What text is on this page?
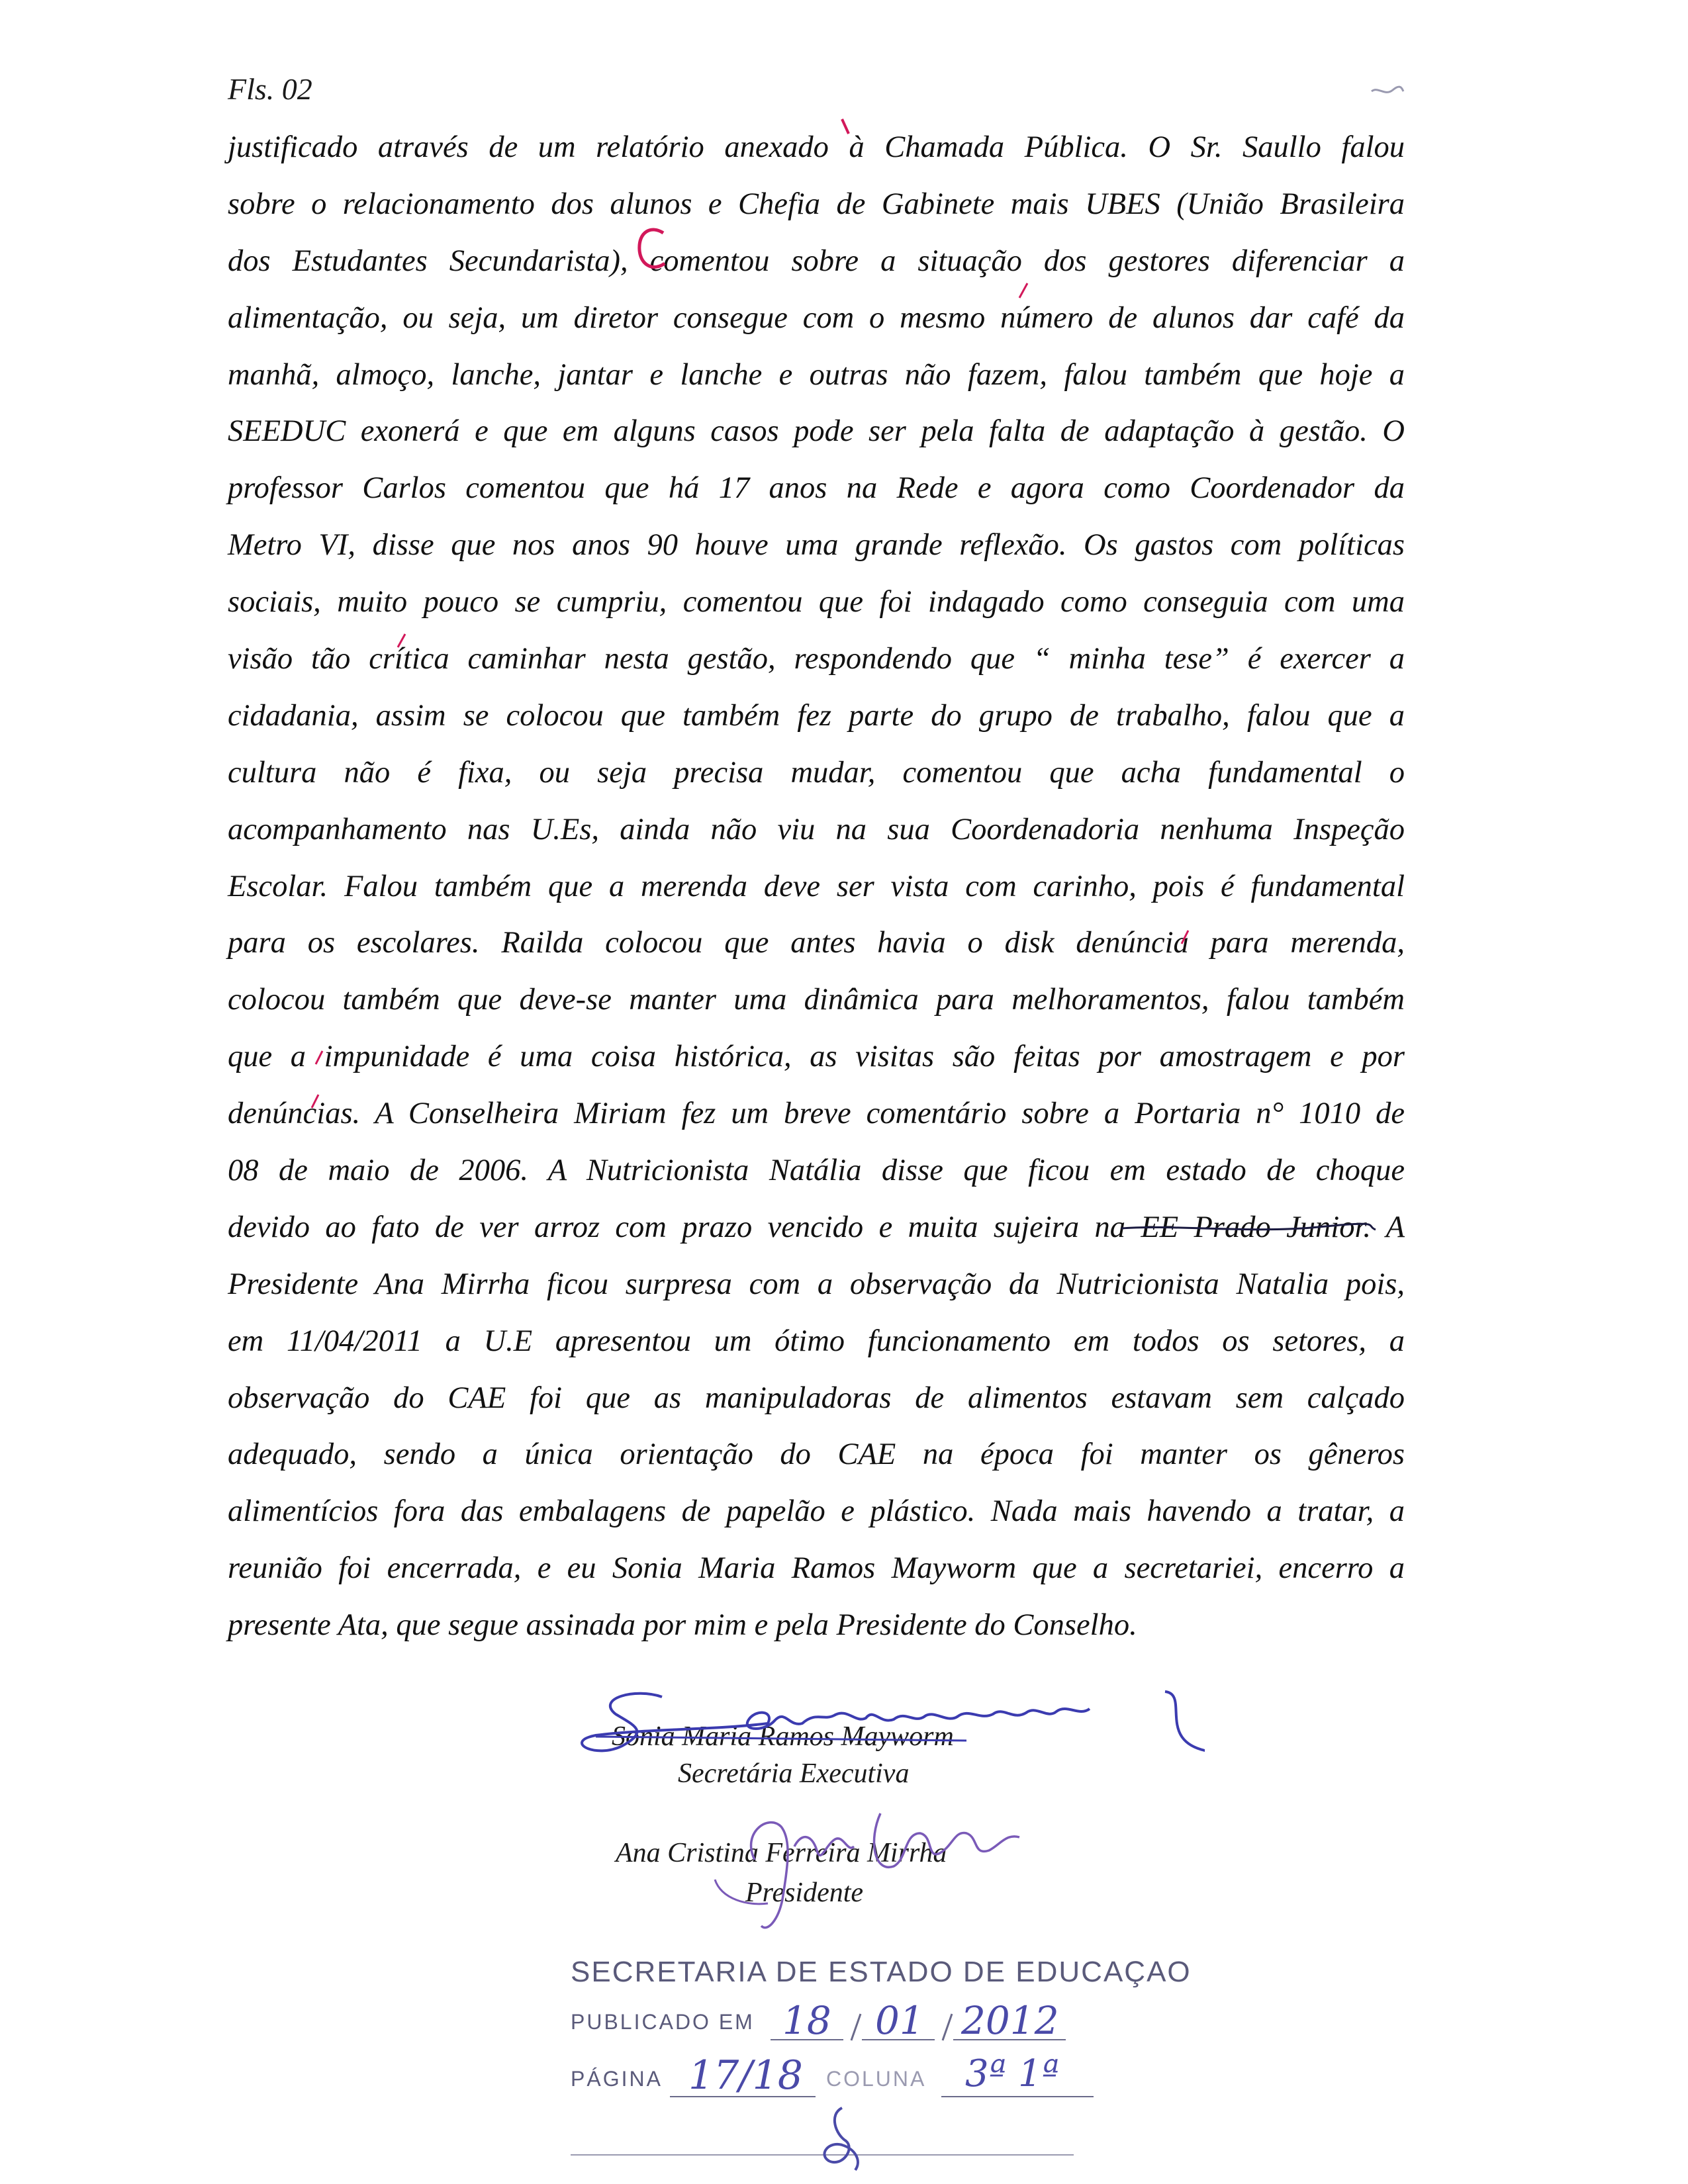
Fls. 02
justificado através de um relatório anexado à Chamada Pública. O Sr. Saullo falou
sobre o relacionamento dos alunos e Chefia de Gabinete mais UBES (União Brasileira
dos Estudantes Secundarista), comentou sobre a situação dos gestores diferenciar a
alimentação, ou seja, um diretor consegue com o mesmo número de alunos dar café da
manhã, almoço, lanche, jantar e lanche e outras não fazem, falou também que hoje a
SEEDUC exonerá e que em alguns casos pode ser pela falta de adaptação à gestão. O
professor Carlos comentou que há 17 anos na Rede e agora como Coordenador da
Metro VI, disse que nos anos 90 houve uma grande reflexão. Os gastos com políticas
sociais, muito pouco se cumpriu, comentou que foi indagado como conseguia com uma
visão tão crítica caminhar nesta gestão, respondendo que “ minha tese” é exercer a
cidadania, assim se colocou que também fez parte do grupo de trabalho, falou que a
cultura não é fixa, ou seja precisa mudar, comentou que acha fundamental o
acompanhamento nas U.Es, ainda não viu na sua Coordenadoria nenhuma Inspeção
Escolar. Falou também que a merenda deve ser vista com carinho, pois é fundamental
para os escolares. Railda colocou que antes havia o disk denúncia para merenda,
colocou também que deve-se manter uma dinâmica para melhoramentos, falou também
que a impunidade é uma coisa histórica, as visitas são feitas por amostragem e por
denúncias. A Conselheira Miriam fez um breve comentário sobre a Portaria n° 1010 de
08 de maio de 2006. A Nutricionista Natália disse que ficou em estado de choque
devido ao fato de ver arroz com prazo vencido e muita sujeira na EE Prado Junior. A
Presidente Ana Mirrha ficou surpresa com a observação da Nutricionista Natalia pois,
em 11/04/2011 a U.E apresentou um ótimo funcionamento em todos os setores, a
observação do CAE foi que as manipuladoras de alimentos estavam sem calçado
adequado, sendo a única orientação do CAE na época foi manter os gêneros
alimentícios fora das embalagens de papelão e plástico. Nada mais havendo a tratar, a
reunião foi encerrada, e eu Sonia Maria Ramos Mayworm que a secretariei, encerro a
presente Ata, que segue assinada por mim e pela Presidente do Conselho.
Sonia Maria Ramos Mayworm
Secretária Executiva
Ana Cristina Ferreira Mirrha
Presidente
SECRETARIA DE ESTADO DE EDUCAÇAO
PUBLICADO EM 18 01 2012
PÁGINA 17/18 COLUNA 3ª 1ª
